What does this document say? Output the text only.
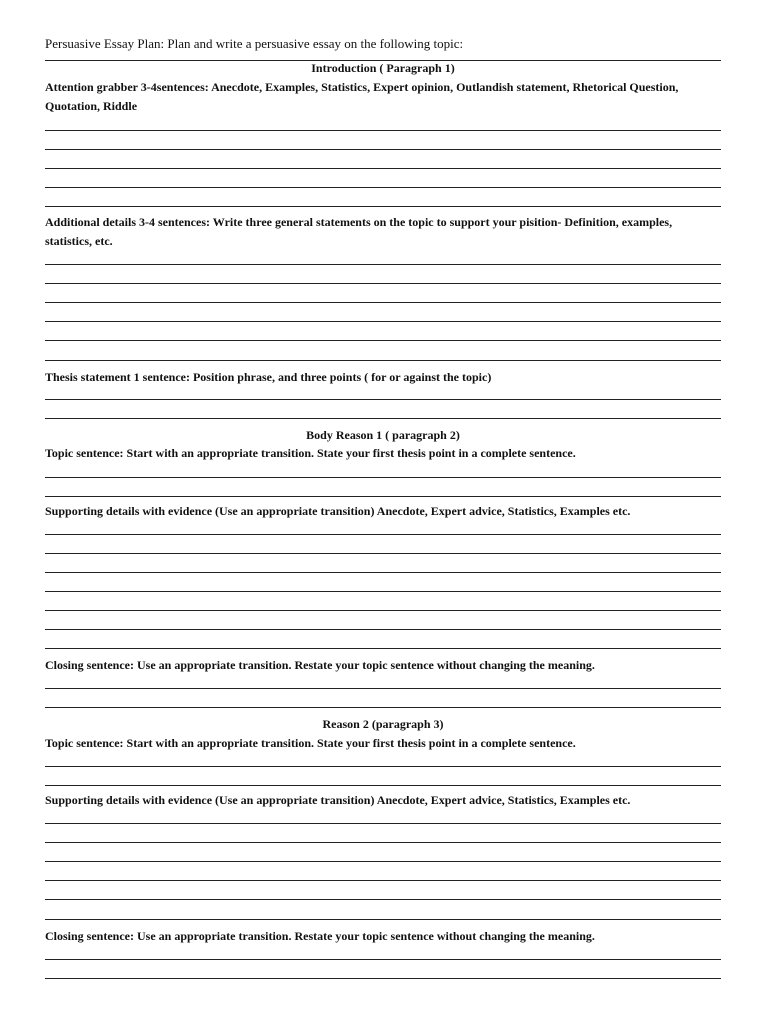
Persuasive Essay Plan: Plan and write a persuasive essay on the following topic:
Introduction ( Paragraph 1)
Attention grabber 3-4sentences: Anecdote, Examples, Statistics, Expert opinion, Outlandish statement, Rhetorical Question, Quotation, Riddle
Additional details 3-4 sentences: Write three general statements on the topic to support your pisition- Definition, examples, statistics, etc.
Thesis statement 1 sentence: Position phrase, and three points ( for or against the topic)
Body Reason 1 ( paragraph 2)
Topic sentence: Start with an appropriate transition. State your first thesis point in a complete sentence.
Supporting details with evidence (Use an appropriate transition) Anecdote, Expert advice, Statistics, Examples etc.
Closing sentence: Use an appropriate transition. Restate your topic sentence without changing the meaning.
Reason 2 (paragraph 3)
Topic sentence: Start with an appropriate transition. State your first thesis point in a complete sentence.
Supporting details with evidence (Use an appropriate transition) Anecdote, Expert advice, Statistics, Examples etc.
Closing sentence: Use an appropriate transition. Restate your topic sentence without changing the meaning.
